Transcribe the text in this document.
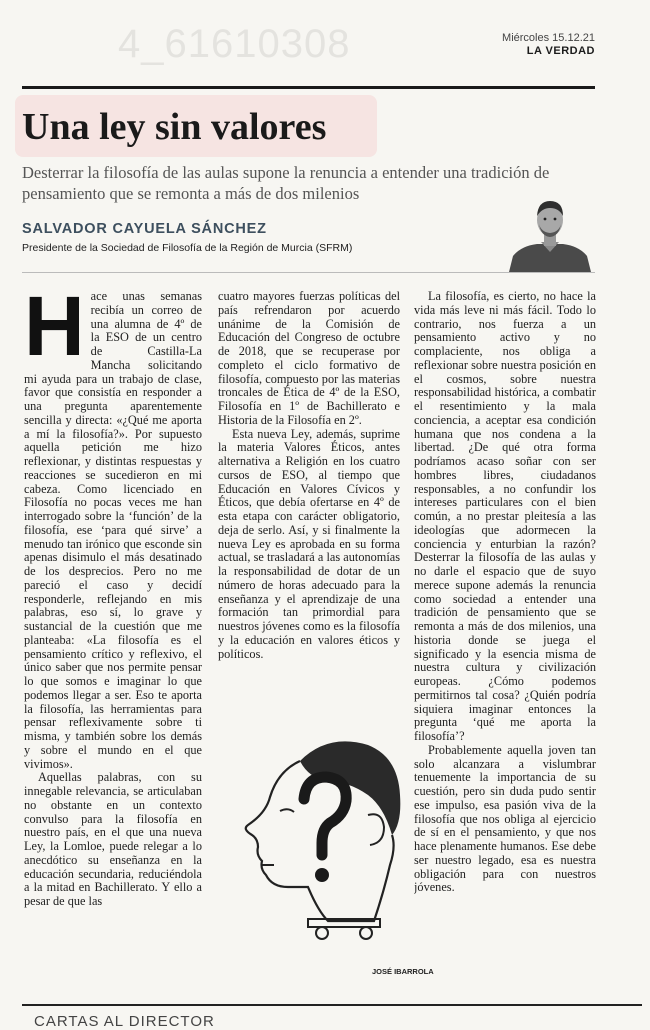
4_61610308	Miércoles 15.12.21
LA VERDAD
Una ley sin valores

Desterrar la filosofía de las aulas supone la renuncia a entender una tradición de pensamiento que se remonta a más de dos milenios

SALVADOR CAYUELA SÁNCHEZ
Presidente de la Sociedad de Filosofía de la Región de Murcia (SFRM)
H ace unas semanas recibía un correo de una alumna de 4º de la ESO de un centro de Castilla-La Mancha solicitando mi ayuda para un trabajo de clase, favor que consistía en responder a una pregunta aparentemente sencilla y directa: «¿Qué me aporta a mí la filosofía?». Por supuesto aquella petición me hizo reflexionar, y distintas respuestas y reacciones se sucedieron en mi cabeza. Como licenciado en Filosofía no pocas veces me han interrogado sobre la ‘función’ de la filosofía, ese ‘para qué sirve’ a menudo tan irónico que esconde sin apenas disimulo el más desatinado de los desprecios. Pero no me pareció el caso y decidí responderle, reflejando en mis palabras, eso sí, lo grave y sustancial de la cuestión que me planteaba: «La filosofía es el pensamiento crítico y reflexivo, el único saber que nos permite pensar lo que somos e imaginar lo que podemos llegar a ser. Eso te aporta la filosofía, las herramientas para pensar reflexivamente sobre ti misma, y también sobre los demás y sobre el mundo en el que vivimos».

Aquellas palabras, con su innegable relevancia, se articulaban no obstante en un contexto convulso para la filosofía en nuestro país, en el que una nueva Ley, la Lomloe, puede relegar a lo anecdótico su enseñanza en la educación secundaria, reduciéndola a la mitad en Bachillerato. Y ello a pesar de que las

cuatro mayores fuerzas políticas del país refrendaron por acuerdo unánime de la Comisión de Educación del Congreso de octubre de 2018, que se recuperase por completo el ciclo formativo de filosofía, compuesto por las materias troncales de Ética de 4º de la ESO, Filosofía en 1º de Bachillerato e Historia de la Filosofía en 2º.

Esta nueva Ley, además, suprime la materia Valores Éticos, antes alternativa a Religión en los cuatro cursos de ESO, al tiempo que Educación en Valores Cívicos y Éticos, que debía ofertarse en 4º de esta etapa con carácter obligatorio, deja de serlo. Así, y si finalmente la nueva Ley es aprobada en su forma actual, se trasladará a las autonomías la responsabilidad de dotar de un número de horas adecuado para la enseñanza y el aprendizaje de una formación tan primordial para nuestros jóvenes como es la filosofía y la educación en valores éticos y políticos.

La filosofía, es cierto, no hace la vida más leve ni más fácil. Todo lo contrario, nos fuerza a un pensamiento activo y no complaciente, nos obliga a reflexionar sobre nuestra posición en el cosmos, sobre nuestra responsabilidad histórica, a combatir el resentimiento y la mala conciencia, a aceptar esa condición humana que nos condena a la libertad. ¿De qué otra forma podríamos acaso soñar con ser hombres libres, ciudadanos responsables, a no confundir los intereses particulares con el bien común, a no prestar pleitesía a las ideologías que adormecen la conciencia y enturbian la razón? Desterrar la filosofía de las aulas y no darle el espacio que de suyo merece supone además la renuncia como sociedad a entender una tradición de pensamiento que se remonta a más de dos milenios, una historia donde se juega el significado y la esencia misma de nuestra cultura y civilización europeas. ¿Cómo podemos permitirnos tal cosa? ¿Quién podría siquiera imaginar entonces la pregunta ‘qué me aporta la filosofía’?

Probablemente aquella joven tan solo alcanzara a vislumbrar tenuemente la importancia de su cuestión, pero sin duda pudo sentir ese impulso, esa pasión viva de la filosofía que nos obliga al ejercicio de sí en el pensamiento, y que nos hace plenamente humanos. Ese debe ser nuestro legado, esa es nuestra obligación para con nuestros jóvenes.

JOSÉ IBARROLA
CARTAS AL DIRECTOR
